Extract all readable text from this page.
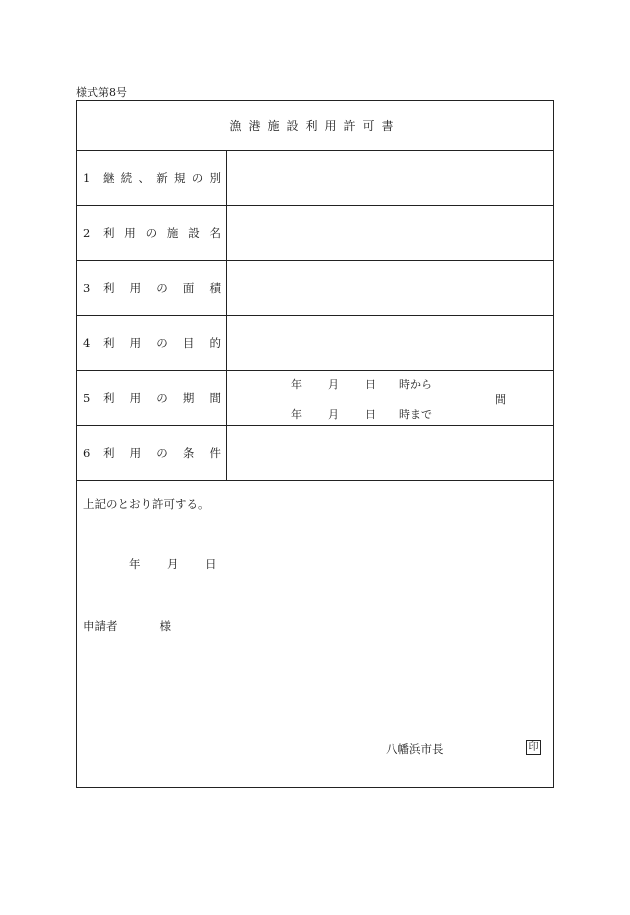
様式第8号
漁 港 施 設 利 用 許 可 書
1	継 続 、 新 規 の 別
2	利 用 の 施 設 名
3	利 用 の 面 積
4	利 用 の 目 的
5	利 用 の 期 間
年	月	日	時から
年	月	日	時まで
間
6	利 用 の 条 件
上記のとおり許可する。
年	月	日
申請者	様
八幡浜市長	印
